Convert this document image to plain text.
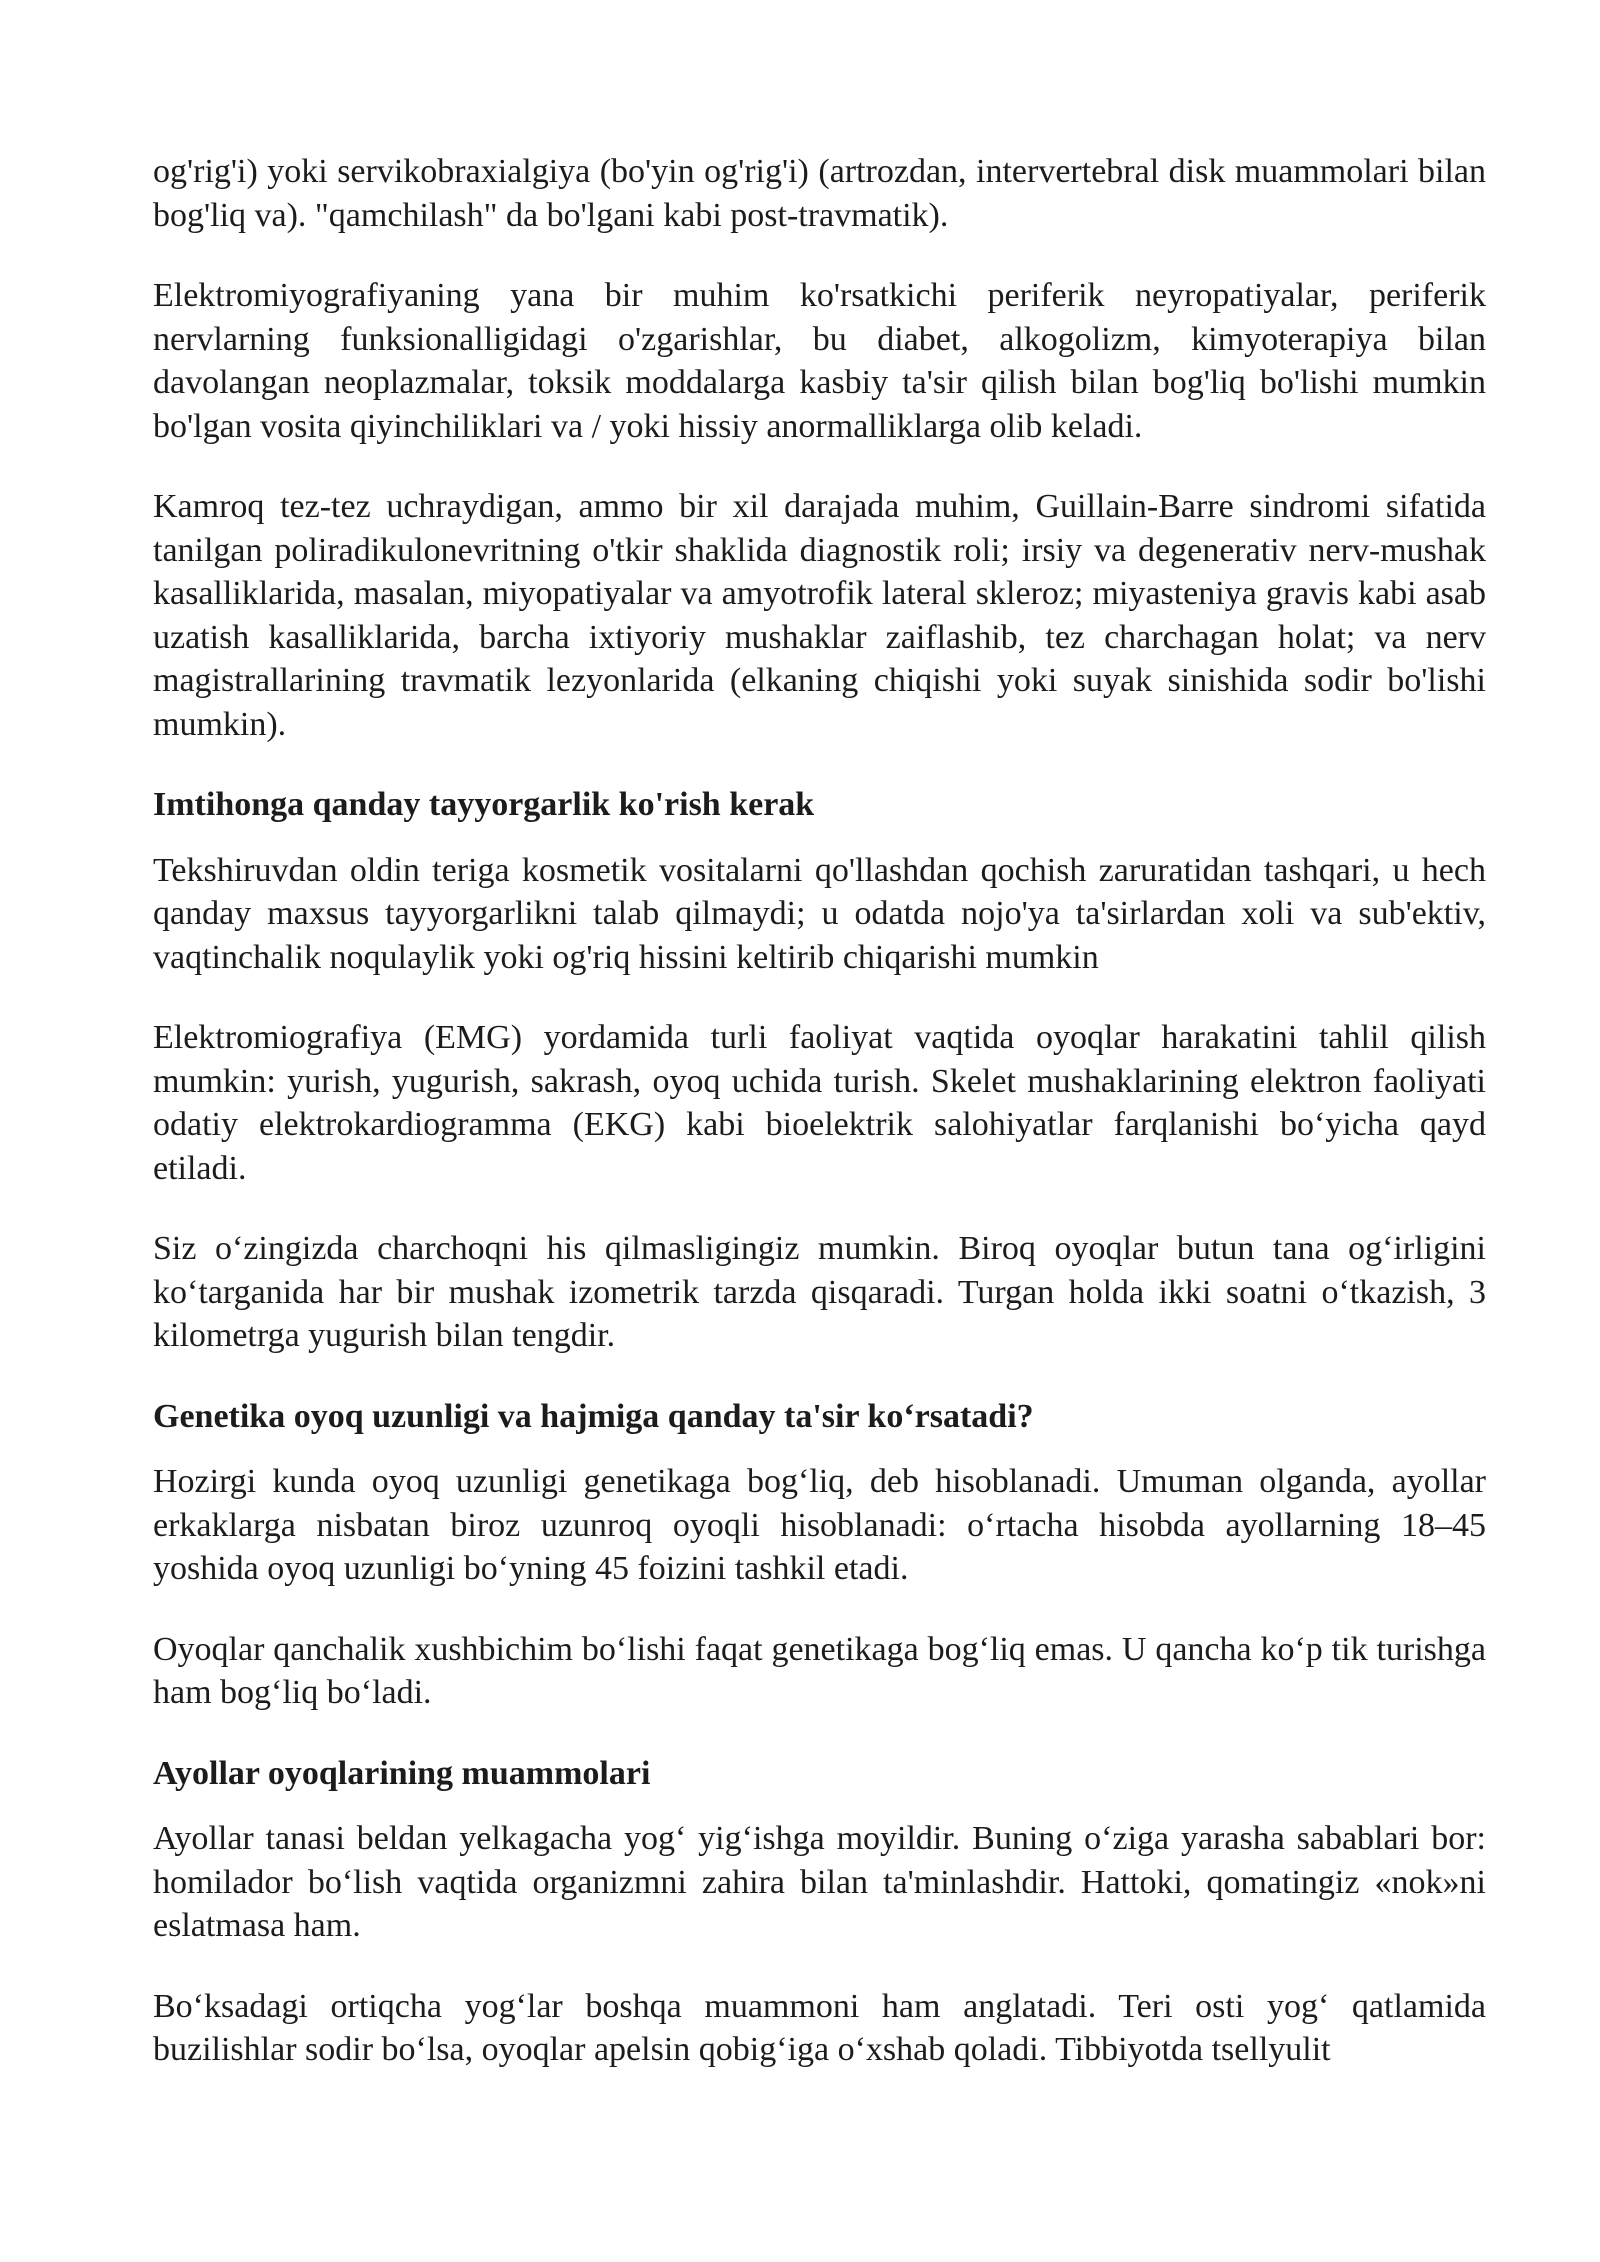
og'rig'i) yoki servikobraxialgiya (bo'yin og'rig'i) (artrozdan, intervertebral disk muammolari bilan bog'liq va). "qamchilash" da bo'lgani kabi post-travmatik).

Elektromiyografiyaning yana bir muhim ko'rsatkichi periferik neyropatiyalar, periferik nervlarning funksionalligidagi o'zgarishlar, bu diabet, alkogolizm, kimyoterapiya bilan davolangan neoplazmalar, toksik moddalarga kasbiy ta'sir qilish bilan bog'liq bo'lishi mumkin bo'lgan vosita qiyinchiliklari va / yoki hissiy anormalliklarga olib keladi.

Kamroq tez-tez uchraydigan, ammo bir xil darajada muhim, Guillain-Barre sindromi sifatida tanilgan poliradikulonevritning o'tkir shaklida diagnostik roli; irsiy va degenerativ nerv-mushak kasalliklarida, masalan, miyopatiyalar va amyotrofik lateral skleroz; miyasteniya gravis kabi asab uzatish kasalliklarida, barcha ixtiyoriy mushaklar zaiflashib, tez charchagan holat; va nerv magistrallarining travmatik lezyonlarida (elkaning chiqishi yoki suyak sinishida sodir bo'lishi mumkin).

Imtihonga qanday tayyorgarlik ko'rish kerak

Tekshiruvdan oldin teriga kosmetik vositalarni qo'llashdan qochish zaruratidan tashqari, u hech qanday maxsus tayyorgarlikni talab qilmaydi; u odatda nojo'ya ta'sirlardan xoli va sub'ektiv, vaqtinchalik noqulaylik yoki og'riq hissini keltirib chiqarishi mumkin

Elektromiografiya (EMG) yordamida turli faoliyat vaqtida oyoqlar harakatini tahlil qilish mumkin: yurish, yugurish, sakrash, oyoq uchida turish. Skelet mushaklarining elektron faoliyati odatiy elektrokardiogramma (EKG) kabi bioelektrik salohiyatlar farqlanishi bo‘yicha qayd etiladi.

Siz o‘zingizda charchoqni his qilmasligingiz mumkin. Biroq oyoqlar butun tana og‘irligini ko‘targanida har bir mushak izometrik tarzda qisqaradi. Turgan holda ikki soatni o‘tkazish, 3 kilometrga yugurish bilan tengdir.

Genetika oyoq uzunligi va hajmiga qanday ta'sir ko‘rsatadi?

Hozirgi kunda oyoq uzunligi genetikaga bog‘liq, deb hisoblanadi. Umuman olganda, ayollar erkaklarga nisbatan biroz uzunroq oyoqli hisoblanadi: o‘rtacha hisobda ayollarning 18–45 yoshida oyoq uzunligi bo‘yning 45 foizini tashkil etadi.

Oyoqlar qanchalik xushbichim bo‘lishi faqat genetikaga bog‘liq emas. U qancha ko‘p tik turishga ham bog‘liq bo‘ladi.

Ayollar oyoqlarining muammolari

Ayollar tanasi beldan yelkagacha yog‘ yig‘ishga moyildir. Buning o‘ziga yarasha sabablari bor: homilador bo‘lish vaqtida organizmni zahira bilan ta'minlashdir. Hattoki, qomatingiz «nok»ni eslatmasa ham.

Bo‘ksadagi ortiqcha yog‘lar boshqa muammoni ham anglatadi. Teri osti yog‘ qatlamida buzilishlar sodir bo‘lsa, oyoqlar apelsin qobig‘iga o‘xshab qoladi. Tibbiyotda tsellyulit
